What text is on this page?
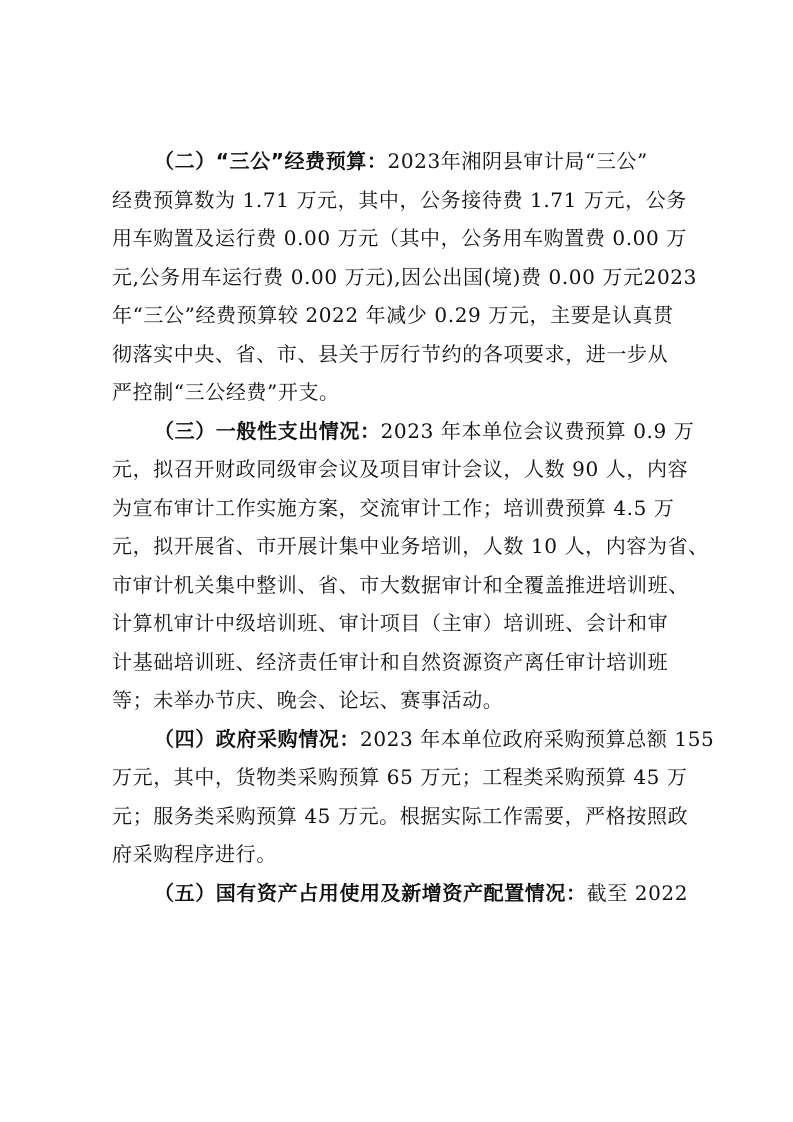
（二）“三公”经费预算：2023年湘阴县审计局“三公”
经费预算数为 1.71 万元，其中，公务接待费 1.71 万元，公务
用车购置及运行费 0.00 万元（其中，公务用车购置费 0.00 万
元,公务用车运行费 0.00 万元),因公出国(境)费 0.00 万元2023
年“三公”经费预算较 2022 年减少 0.29 万元，主要是认真贯
彻落实中央、省、市、县关于厉行节约的各项要求，进一步从
严控制“三公经费”开支。
（三）一般性支出情况：2023 年本单位会议费预算 0.9 万
元，拟召开财政同级审会议及项目审计会议，人数 90 人，内容
为宣布审计工作实施方案，交流审计工作；培训费预算 4.5 万
元，拟开展省、市开展计集中业务培训，人数 10 人，内容为省、
市审计机关集中整训、省、市大数据审计和全覆盖推进培训班、
计算机审计中级培训班、审计项目（主审）培训班、会计和审
计基础培训班、经济责任审计和自然资源资产离任审计培训班
等；未举办节庆、晚会、论坛、赛事活动。
（四）政府采购情况：2023 年本单位政府采购预算总额 155
万元，其中，货物类采购预算 65 万元；工程类采购预算 45 万
元；服务类采购预算 45 万元。根据实际工作需要，严格按照政
府采购程序进行。
（五）国有资产占用使用及新增资产配置情况：截至 2022
